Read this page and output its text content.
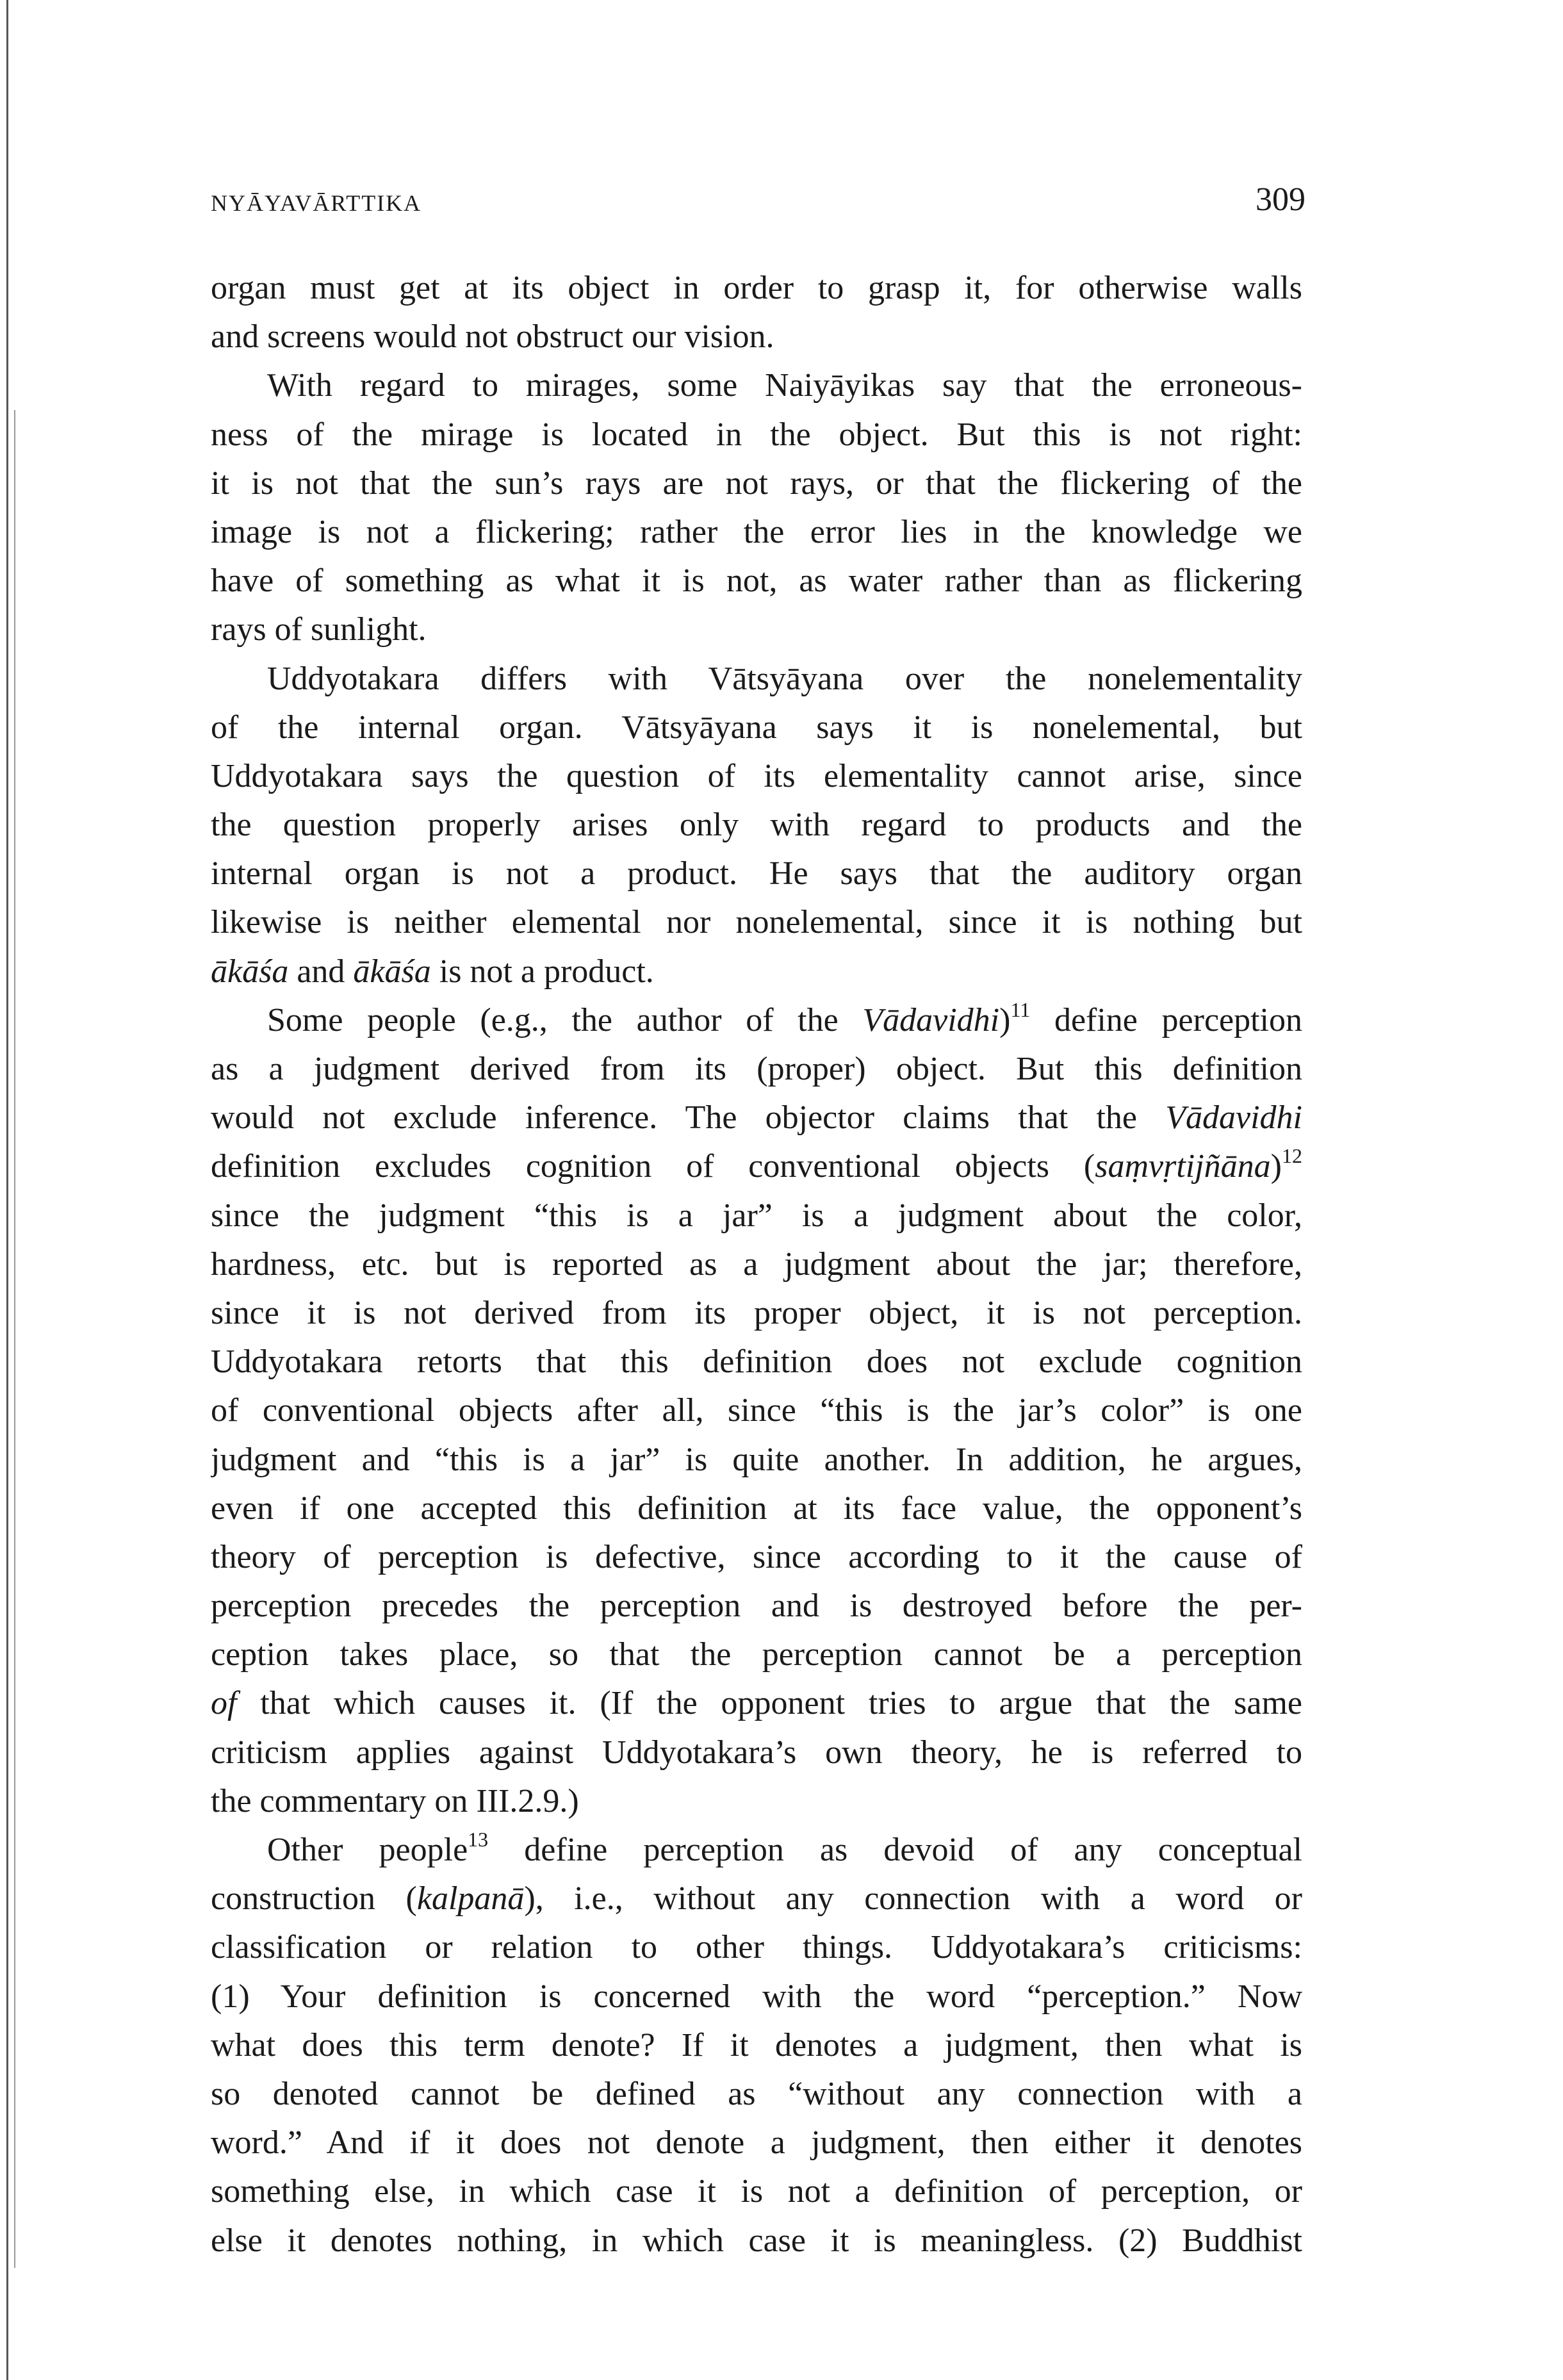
NYĀYAVĀRTTIKA	309
organ must get at its object in order to grasp it, for otherwise walls
and screens would not obstruct our vision.
With regard to mirages, some Naiyāyikas say that the erroneous-
ness of the mirage is located in the object. But this is not right:
it is not that the sun’s rays are not rays, or that the flickering of the
image is not a flickering; rather the error lies in the knowledge we
have of something as what it is not, as water rather than as flickering
rays of sunlight.
Uddyotakara differs with Vātsyāyana over the nonelementality
of the internal organ. Vātsyāyana says it is nonelemental, but
Uddyotakara says the question of its elementality cannot arise, since
the question properly arises only with regard to products and the
internal organ is not a product. He says that the auditory organ
likewise is neither elemental nor nonelemental, since it is nothing but
ākāśa and ākāśa is not a product.
Some people (e.g., the author of the Vādavidhi)$^{11}$ define perception
as a judgment derived from its (proper) object. But this definition
would not exclude inference. The objector claims that the Vādavidhi
definition excludes cognition of conventional objects (saṃvṛtijñāna)$^{12}$
since the judgment “this is a jar” is a judgment about the color,
hardness, etc. but is reported as a judgment about the jar; therefore,
since it is not derived from its proper object, it is not perception.
Uddyotakara retorts that this definition does not exclude cognition
of conventional objects after all, since “this is the jar’s color” is one
judgment and “this is a jar” is quite another. In addition, he argues,
even if one accepted this definition at its face value, the opponent’s
theory of perception is defective, since according to it the cause of
perception precedes the perception and is destroyed before the per-
ception takes place, so that the perception cannot be a perception
of that which causes it. (If the opponent tries to argue that the same
criticism applies against Uddyotakara’s own theory, he is referred to
the commentary on III.2.9.)
Other people$^{13}$ define perception as devoid of any conceptual
construction (kalpanā), i.e., without any connection with a word or
classification or relation to other things. Uddyotakara’s criticisms:
(1) Your definition is concerned with the word “perception.” Now
what does this term denote? If it denotes a judgment, then what is
so denoted cannot be defined as “without any connection with a
word.” And if it does not denote a judgment, then either it denotes
something else, in which case it is not a definition of perception, or
else it denotes nothing, in which case it is meaningless. (2) Buddhist
